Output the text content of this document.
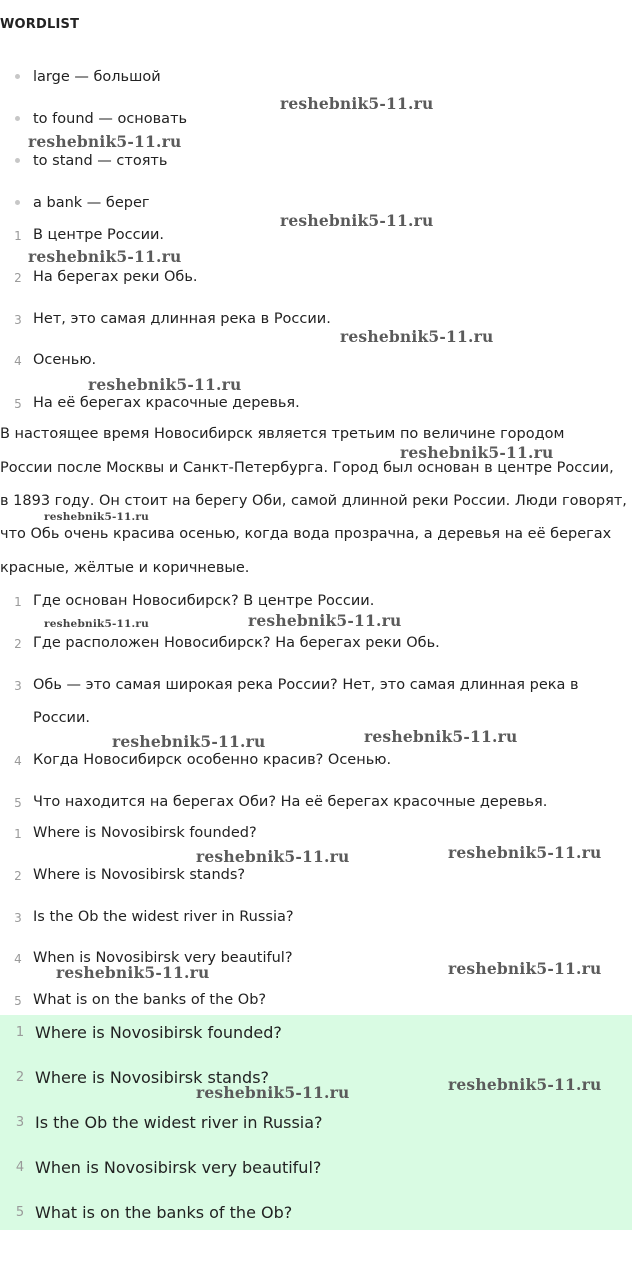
WORDLIST
large — большой
to found — основать
to stand — стоять
a bank — берег
1 В центре России.
2 На берегах реки Обь.
3 Нет, это самая длинная река в России.
4 Осенью.
5 На её берегах красочные деревья.
В настоящее время Новосибирск является третьим по величине городом
России после Москвы и Санкт-Петербурга. Город был основан в центре России,
в 1893 году. Он стоит на берегу Оби, самой длинной реки России. Люди говорят,
что Обь очень красива осенью, когда вода прозрачна, а деревья на её берегах
красные, жёлтые и коричневые.
1 Где основан Новосибирск? В центре России.
2 Где расположен Новосибирск? На берегах реки Обь.
3 Обь — это самая широкая река России? Нет, это самая длинная река в
России.
4 Когда Новосибирск особенно красив? Осенью.
5 Что находится на берегах Оби? На её берегах красочные деревья.
1 Where is Novosibirsk founded?
2 Where is Novosibirsk stands?
3 Is the Ob the widest river in Russia?
4 When is Novosibirsk very beautiful?
5 What is on the banks of the Ob?
1 Where is Novosibirsk founded?
2 Where is Novosibirsk stands?
3 Is the Ob the widest river in Russia?
4 When is Novosibirsk very beautiful?
5 What is on the banks of the Ob?
reshebnik5-11.ru
reshebnik5-11.ru
reshebnik5-11.ru
reshebnik5-11.ru
reshebnik5-11.ru
reshebnik5-11.ru
reshebnik5-11.ru
reshebnik5-11.ru
reshebnik5-11.ru
reshebnik5-11.ru
reshebnik5-11.ru	reshebnik5-11.ru
reshebnik5-11.ru	reshebnik5-11.ru
reshebnik5-11.ru	reshebnik5-11.ru
reshebnik5-11.ru	reshebnik5-11.ru
